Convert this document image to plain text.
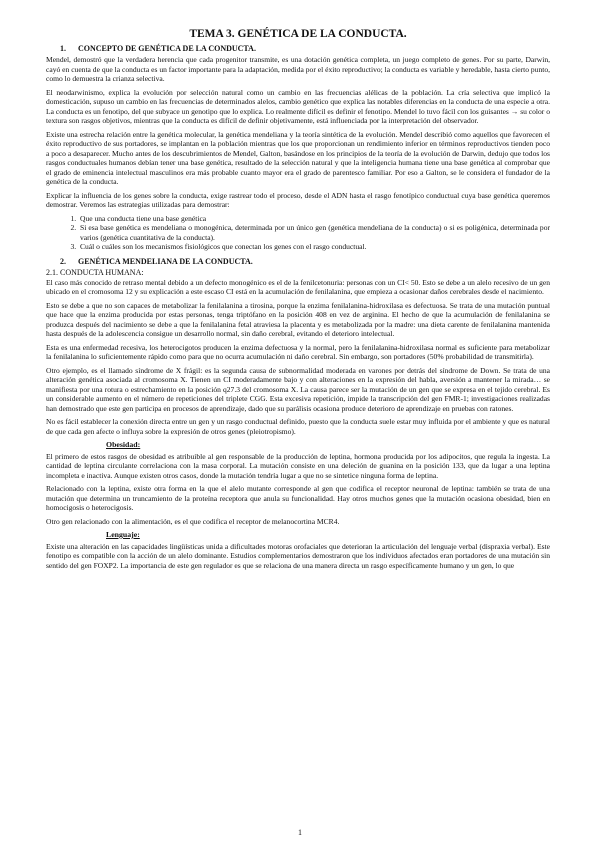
TEMA 3. GENÉTICA DE LA CONDUCTA.
1. CONCEPTO DE GENÉTICA DE LA CONDUCTA.

Mendel, demostró que la verdadera herencia que cada progenitor transmite, es una dotación genética completa, un juego completo de genes. Por su parte, Darwin, cayó en cuenta de que la conducta es un factor importante para la adaptación, medida por el éxito reproductivo; la conducta es variable y heredable, hasta cierto punto, como lo demuestra la crianza selectiva.

El neodarwinismo, explica la evolución por selección natural como un cambio en las frecuencias alélicas de la población. La cría selectiva que implicó la domesticación, supuso un cambio en las frecuencias de determinados alelos, cambio genético que explica las notables diferencias en la conducta de una especie a otra. La conducta es un fenotipo, del que subyace un genotipo que lo explica. Lo realmente difícil es definir el fenotipo. Mendel lo tuvo fácil con los guisantes → su color o textura son rasgos objetivos, mientras que la conducta es difícil de definir objetivamente, está influenciada por la interpretación del observador.

Existe una estrecha relación entre la genética molecular, la genética mendeliana y la teoría sintética de la evolución. Mendel describió como aquellos que favorecen el éxito reproductivo de sus portadores, se implantan en la población mientras que los que proporcionan un rendimiento inferior en términos reproductivos tienden poco a poco a desaparecer. Mucho antes de los descubrimientos de Mendel, Galton, basándose en los principios de la teoría de la evolución de Darwin, dedujo que todos los rasgos conductuales humanos debían tener una base genética, resultado de la selección natural y que la inteligencia humana tiene una base genética al comprobar que el grado de eminencia intelectual masculinos era más probable cuanto mayor era el grado de parentesco familiar. Por eso a Galton, se le considera el fundador de la genética de la conducta.

Explicar la influencia de los genes sobre la conducta, exige rastrear todo el proceso, desde el ADN hasta el rasgo fenotípico conductual cuya base genética queremos demostrar. Veremos las estrategias utilizadas para demostrar:

1. Que una conducta tiene una base genética
2. Si esa base genética es mendeliana o monogénica, determinada por un único gen (genética mendeliana de la conducta) o si es poligénica, determinada por varios (genética cuantitativa de la conducta).
3. Cuál o cuáles son los mecanismos fisiológicos que conectan los genes con el rasgo conductual.
2. GENÉTICA MENDELIANA DE LA CONDUCTA.
2.1. CONDUCTA HUMANA:

El caso más conocido de retraso mental debido a un defecto monogénico es el de la fenilcetonuria: personas con un CI< 50. Esto se debe a un alelo recesivo de un gen ubicado en el cromosoma 12 y su explicación a este escaso CI está en la acumulación de fenilalanina, que empieza a ocasionar daños cerebrales desde el nacimiento.

Esto se debe a que no son capaces de metabolizar la fenilalanina a tirosina, porque la enzima fenilalanina-hidroxilasa es defectuosa. Se trata de una mutación puntual que hace que la enzima producida por estas personas, tenga triptófano en la posición 408 en vez de arginina. El hecho de que la acumulación de fenilalanina se produzca después del nacimiento se debe a que la fenilalanina fetal atraviesa la placenta y es metabolizada por la madre: una dieta carente de fenilalanina mantenida hasta después de la adolescencia consigue un desarrollo normal, sin daño cerebral, evitando el deterioro intelectual.

Esta es una enfermedad recesiva, los heterocigotos producen la enzima defectuosa y la normal, pero la fenilalanina-hidroxilasa normal es suficiente para metabolizar la fenilalanina lo suficientemente rápido como para que no ocurra acumulación ni daño cerebral. Sin embargo, son portadores (50% probabilidad de transmitirla).

Otro ejemplo, es el llamado síndrome de X frágil: es la segunda causa de subnormalidad moderada en varones por detrás del síndrome de Down. Se trata de una alteración genética asociada al cromosoma X. Tienen un CI moderadamente bajo y con alteraciones en la expresión del habla, aversión a mantener la mirada… se manifiesta por una rotura o estrechamiento en la posición q27.3 del cromosoma X. La causa parece ser la mutación de un gen que se expresa en el tejido cerebral. Es un considerable aumento en el número de repeticiones del triplete CGG. Esta excesiva repetición, impide la transcripción del gen FMR-1; investigaciones realizadas han demostrado que este gen participa en procesos de aprendizaje, dado que su parálisis ocasiona produce deterioro de aprendizaje en pruebas con ratones.

No es fácil establecer la conexión directa entre un gen y un rasgo conductual definido, puesto que la conducta suele estar muy influida por el ambiente y que es natural de que cada gen afecte o influya sobre la expresión de otros genes (pleiotropismo).

Obesidad:

El primero de estos rasgos de obesidad es atribuible al gen responsable de la producción de leptina, hormona producida por los adipocitos, que regula la ingesta. La cantidad de leptina circulante correlaciona con la masa corporal. La mutación consiste en una deleción de guanina en la posición 133, que da lugar a una leptina incompleta e inactiva. Aunque existen otros casos, donde la mutación tendría lugar a que no se sintetice ninguna forma de leptina.

Relacionado con la leptina, existe otra forma en la que el alelo mutante corresponde al gen que codifica el receptor neuronal de leptina: también se trata de una mutación que determina un truncamiento de la proteína receptora que anula su funcionalidad. Hay otros muchos genes que la mutación ocasiona obesidad, bien en homocigosis o heterocigosis.

Otro gen relacionado con la alimentación, es el que codifica el receptor de melanocortina MCR4.

Lenguaje:

Existe una alteración en las capacidades lingüísticas unida a dificultades motoras orofaciales que deterioran la articulación del lenguaje verbal (dispraxia verbal). Este fenotipo es compatible con la acción de un alelo dominante. Estudios complementarios demostraron que los individuos afectados eran portadores de una mutación sin sentido del gen FOXP2. La importancia de este gen regulador es que se relaciona de una manera directa un rasgo específicamente humano y un gen, lo que

1
